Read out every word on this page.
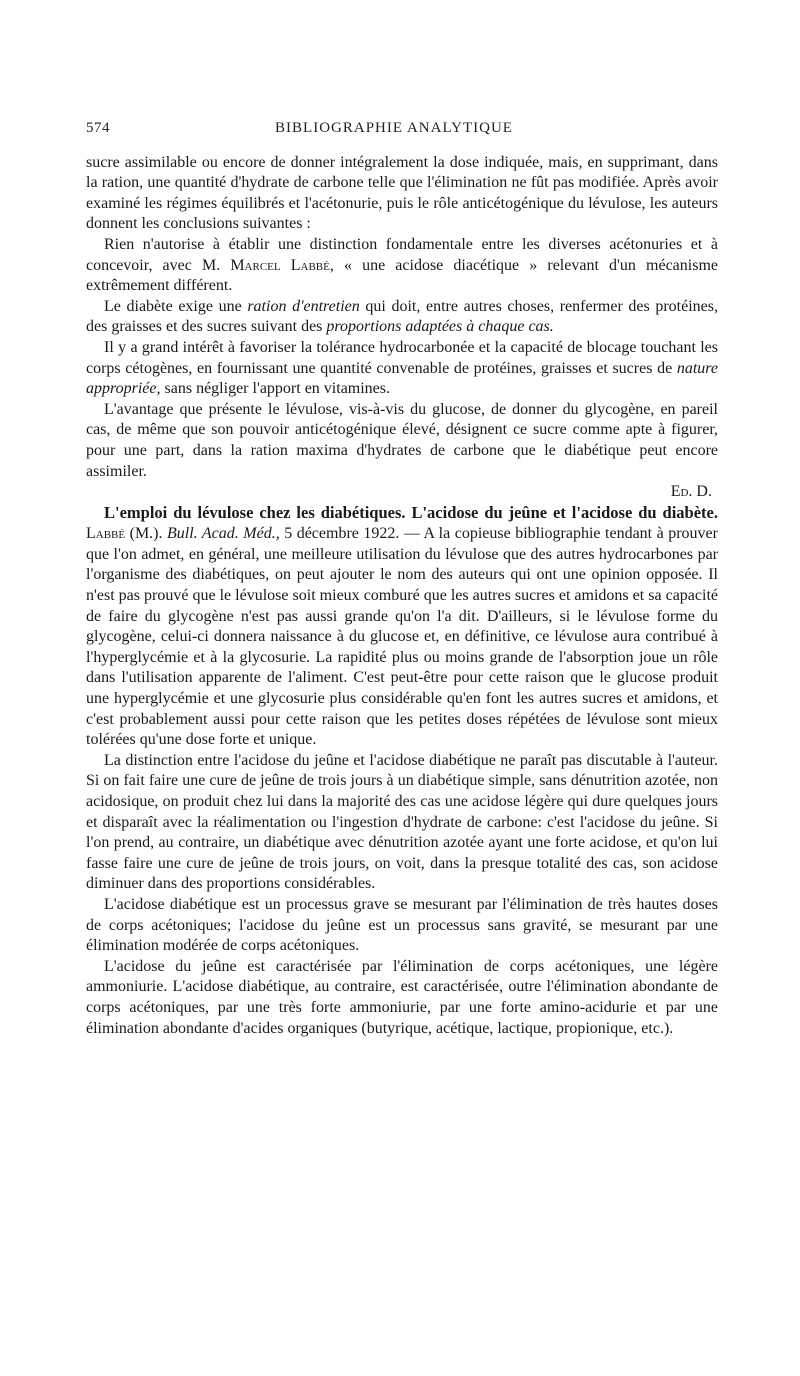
574	BIBLIOGRAPHIE ANALYTIQUE

sucre assimilable ou encore de donner intégralement la dose indiquée, mais, en supprimant, dans la ration, une quantité d'hydrate de carbone telle que l'élimination ne fût pas modifiée. Après avoir examiné les régimes équilibrés et l'acétonurie, puis le rôle anticétogénique du lévulose, les auteurs donnent les conclusions suivantes :

Rien n'autorise à établir une distinction fondamentale entre les diverses acétonuries et à concevoir, avec M. Marcel Labbé, « une acidose diacétique » relevant d'un mécanisme extrêmement différent.

Le diabète exige une ration d'entretien qui doit, entre autres choses, renfermer des protéines, des graisses et des sucres suivant des proportions adaptées à chaque cas.

Il y a grand intérêt à favoriser la tolérance hydrocarbonée et la capacité de blocage touchant les corps cétogènes, en fournissant une quantité convenable de protéines, graisses et sucres de nature appropriée, sans négliger l'apport en vitamines.

L'avantage que présente le lévulose, vis-à-vis du glucose, de donner du glycogène, en pareil cas, de même que son pouvoir anticétogénique élevé, désignent ce sucre comme apte à figurer, pour une part, dans la ration maxima d'hydrates de carbone que le diabétique peut encore assimiler.

Ed. D.

L'emploi du lévulose chez les diabétiques. L'acidose du jeûne et l'acidose du diabète. Labbé (M.). Bull. Acad. Méd., 5 décembre 1922. — A la copieuse bibliographie tendant à prouver que l'on admet, en général, une meilleure utilisation du lévulose que des autres hydrocarbones par l'organisme des diabétiques, on peut ajouter le nom des auteurs qui ont une opinion opposée. Il n'est pas prouvé que le lévulose soit mieux comburé que les autres sucres et amidons et sa capacité de faire du glycogène n'est pas aussi grande qu'on l'a dit. D'ailleurs, si le lévulose forme du glycogène, celui-ci donnera naissance à du glucose et, en définitive, ce lévulose aura contribué à l'hyperglycémie et à la glycosurie. La rapidité plus ou moins grande de l'absorption joue un rôle dans l'utilisation apparente de l'aliment. C'est peut-être pour cette raison que le glucose produit une hyperglycémie et une glycosurie plus considérable qu'en font les autres sucres et amidons, et c'est probablement aussi pour cette raison que les petites doses répétées de lévulose sont mieux tolérées qu'une dose forte et unique.

La distinction entre l'acidose du jeûne et l'acidose diabétique ne paraît pas discutable à l'auteur. Si on fait faire une cure de jeûne de trois jours à un diabétique simple, sans dénutrition azotée, non acidosique, on produit chez lui dans la majorité des cas une acidose légère qui dure quelques jours et disparaît avec la réalimentation ou l'ingestion d'hydrate de carbone: c'est l'acidose du jeûne. Si l'on prend, au contraire, un diabétique avec dénutrition azotée ayant une forte acidose, et qu'on lui fasse faire une cure de jeûne de trois jours, on voit, dans la presque totalité des cas, son acidose diminuer dans des proportions considérables.

L'acidose diabétique est un processus grave se mesurant par l'élimination de très hautes doses de corps acétoniques; l'acidose du jeûne est un processus sans gravité, se mesurant par une élimination modérée de corps acétoniques.

L'acidose du jeûne est caractérisée par l'élimination de corps acétoniques, une légère ammoniurie. L'acidose diabétique, au contraire, est caractérisée, outre l'élimination abondante de corps acétoniques, par une très forte ammoniurie, par une forte amino-acidurie et par une élimination abondante d'acides organiques (butyrique, acétique, lactique, propionique, etc.).
